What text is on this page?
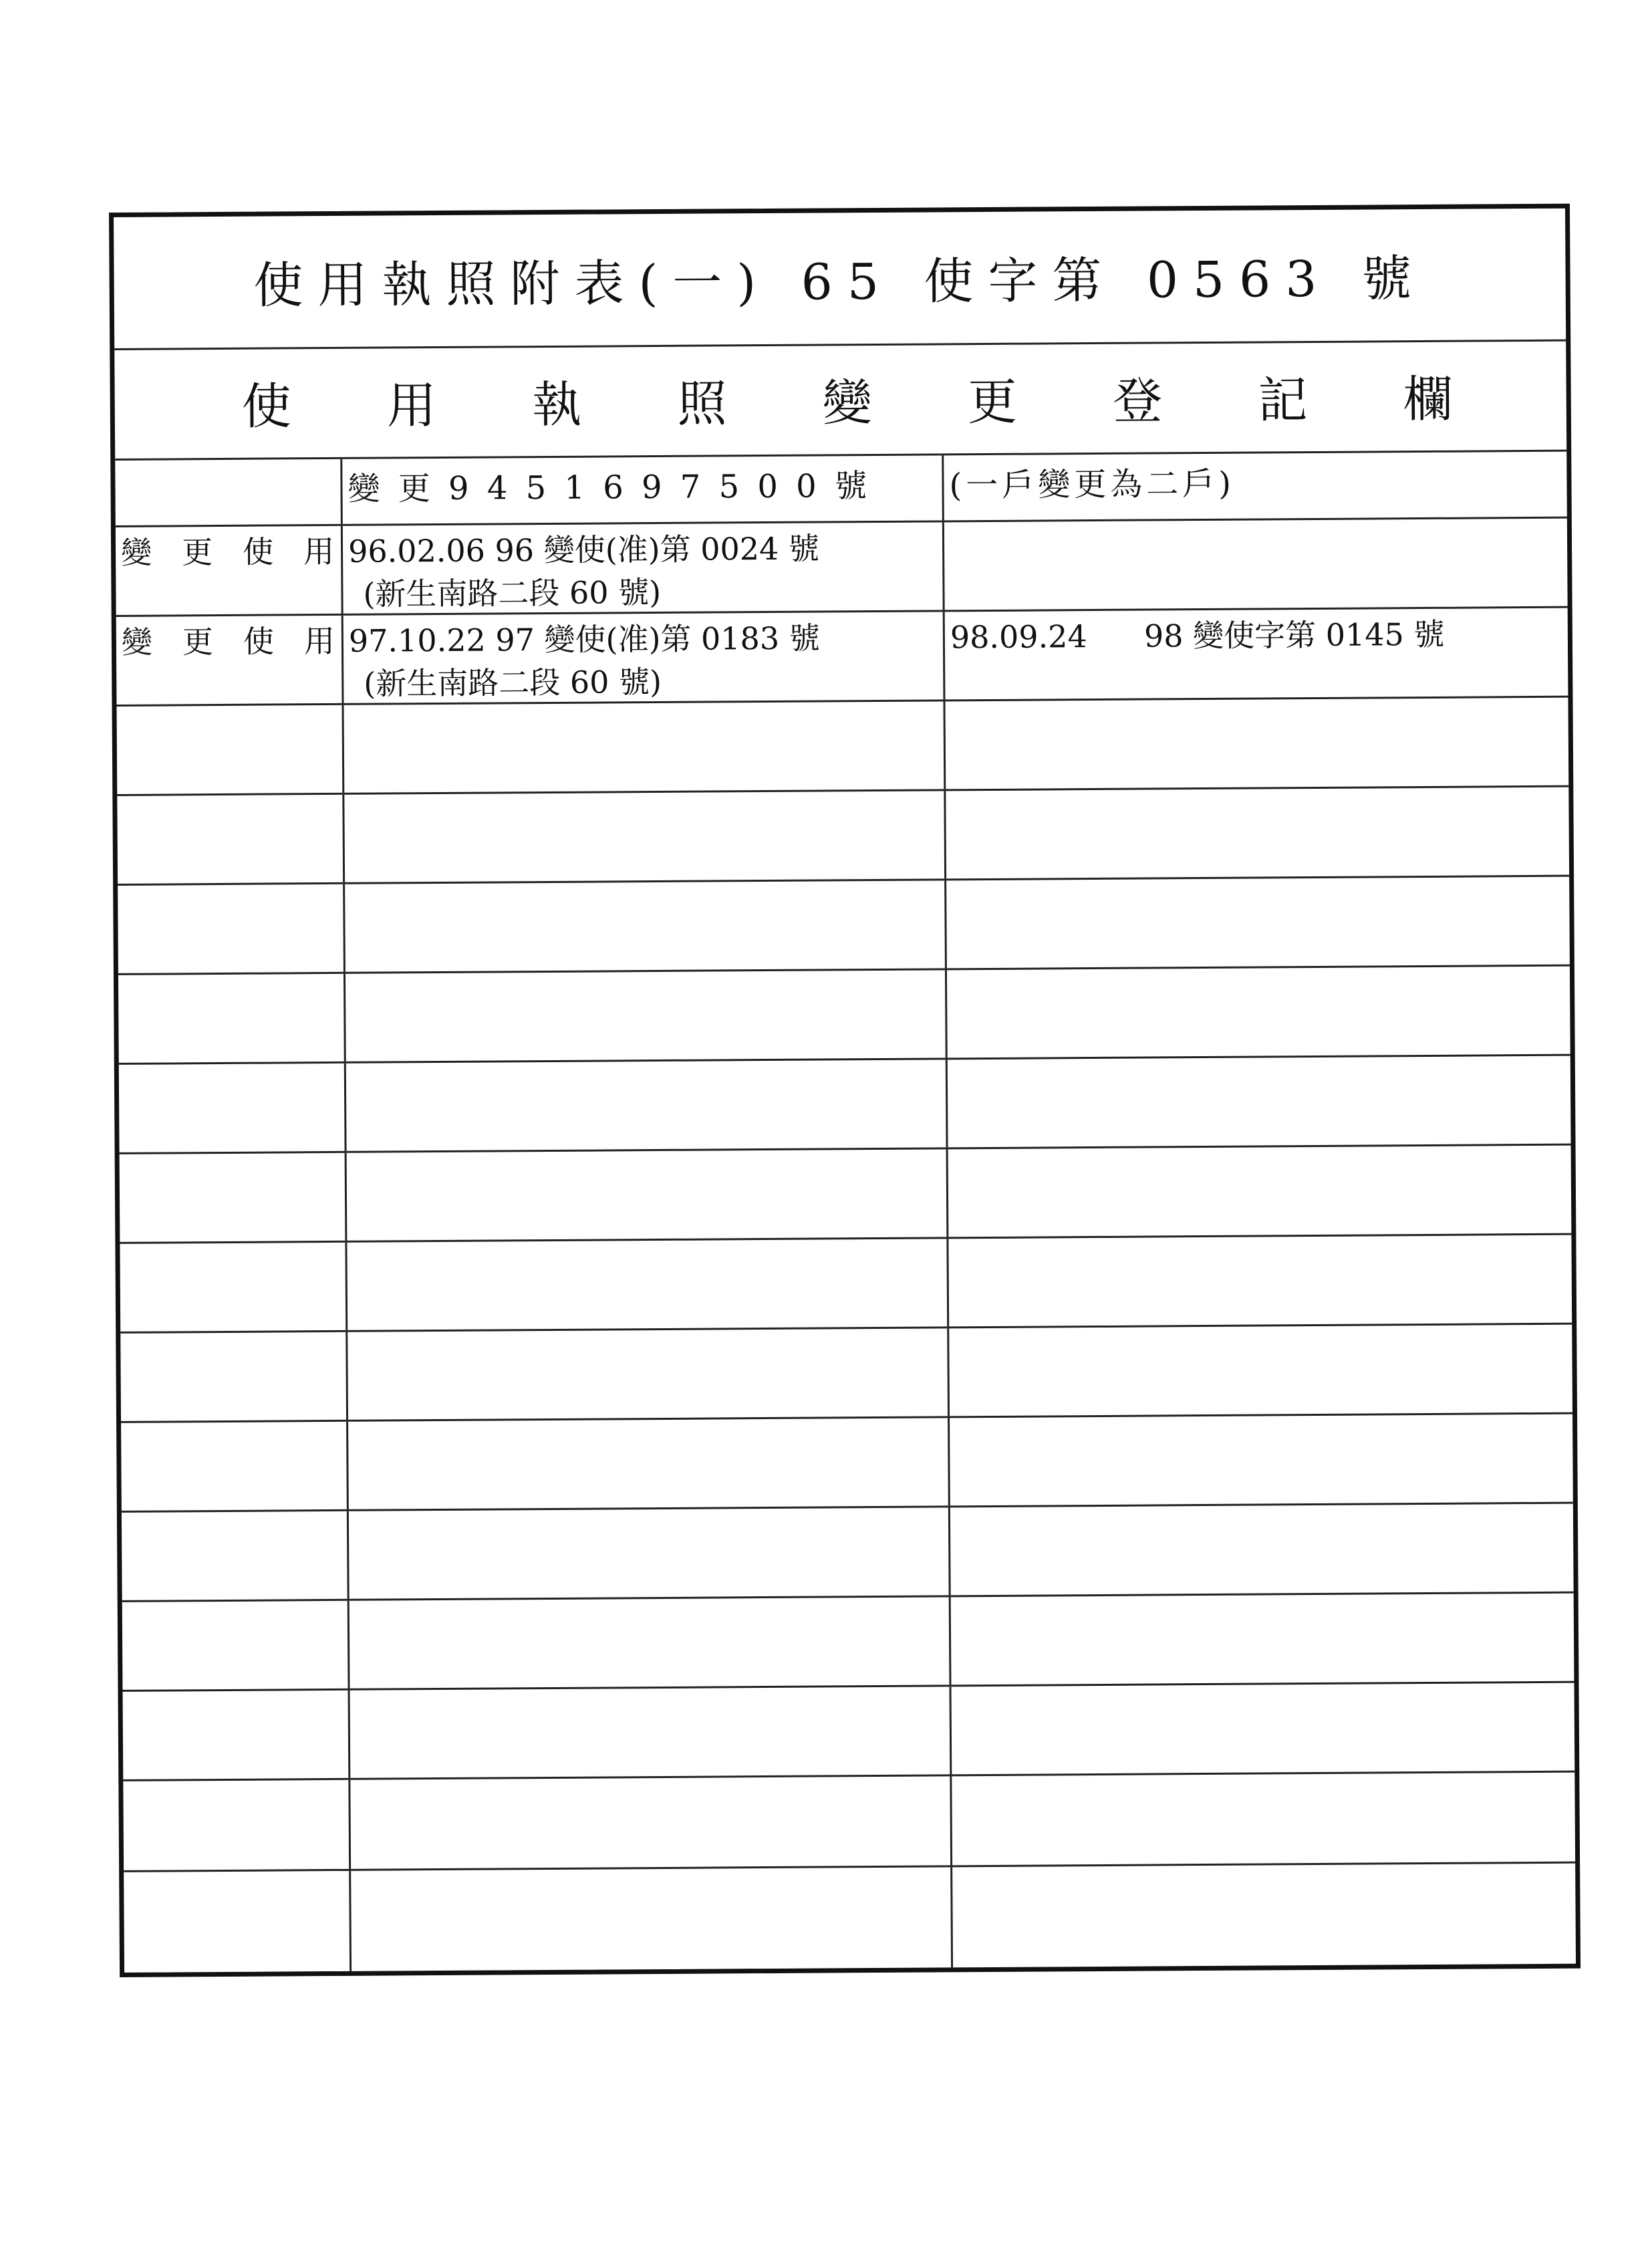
使用執照附表(一) 65 使字第 0563 號
使 用 執 照 變 更 登 記 欄
變 更 9 4 5 1 6 9 7 5 0 0 號	(一戶變更為二戶)
變 更 使 用 96.02.06 96 變使(准)第 0024 號
(新生南路二段 60 號)
變 更 使 用 97.10.22 97 變使(准)第 0183 號
(新生南路二段 60 號)
98.09.24 98 變使字第 0145 號
